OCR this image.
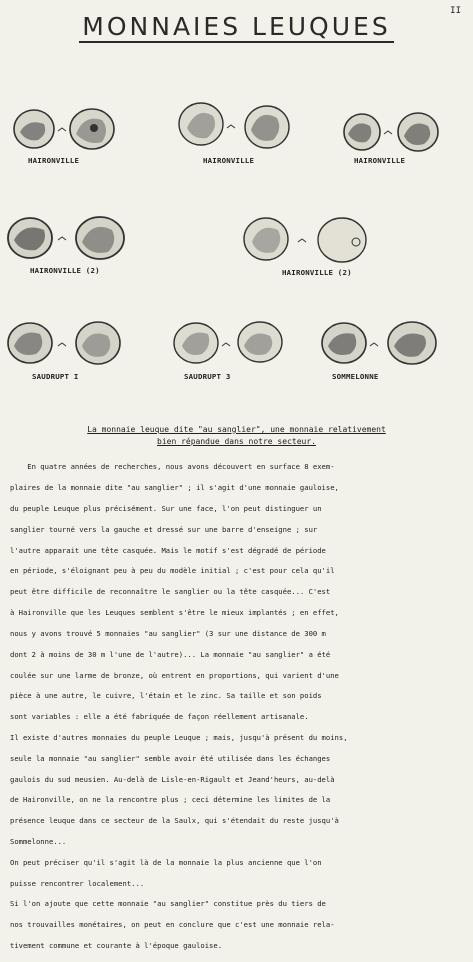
II
MONNAIES LEUQUES
HAIRONVILLE	HAIRONVILLE	HAIRONVILLE
HAIRONVILLE (2)	HAIRONVILLE (2)
SAUDRUPT I	SAUDRUPT 3	SOMMELONNE
La monnaie leuque dite "au sanglier", une monnaie relativement
bien répandue dans notre secteur.

En quatre années de recherches, nous avons découvert en surface 8 exem-

plaires de la monnaie dite "au sanglier" ; il s'agit d'une monnaie gauloise,

du peuple Leuque plus précisément. Sur une face, l'on peut distinguer un

sanglier tourné vers la gauche et dressé sur une barre d'enseigne ; sur

l'autre apparait une tête casquée. Mais le motif s'est dégradé de période

en période, s'éloignant peu à peu du modèle initial ; c'est pour cela qu'il

peut être difficile de reconnaître le sanglier ou la tête casquée... C'est

à Haironville que les Leuques semblent s'être le mieux implantés ; en effet,

nous y avons trouvé 5 monnaies "au sanglier" (3 sur une distance de 300 m

dont 2 à moins de 30 m l'une de l'autre)... La monnaie "au sanglier" a été

coulée sur une larme de bronze, où entrent en proportions, qui varient d'une

pièce à une autre, le cuivre, l'étain et le zinc. Sa taille et son poids

sont variables : elle a été fabriquée de façon réellement artisanale.

Il existe d'autres monnaies du peuple Leuque ; mais, jusqu'à présent du moins,

seule la monnaie "au sanglier" semble avoir été utilisée dans les échanges

gaulois du sud meusien. Au-delà de Lisle-en-Rigault et Jeand'heurs, au-delà

de Haironville, on ne la rencontre plus ; ceci détermine les limites de la

présence leuque dans ce secteur de la Saulx, qui s'étendait du reste jusqu'à

Sommelonne...

On peut préciser qu'il s'agit là de la monnaie la plus ancienne que l'on

puisse rencontrer localement...

Si l'on ajoute que cette monnaie "au sanglier" constitue près du tiers de

nos trouvailles monétaires, on peut en conclure que c'est une monnaie rela-

tivement commune et courante à l'époque gauloise.
